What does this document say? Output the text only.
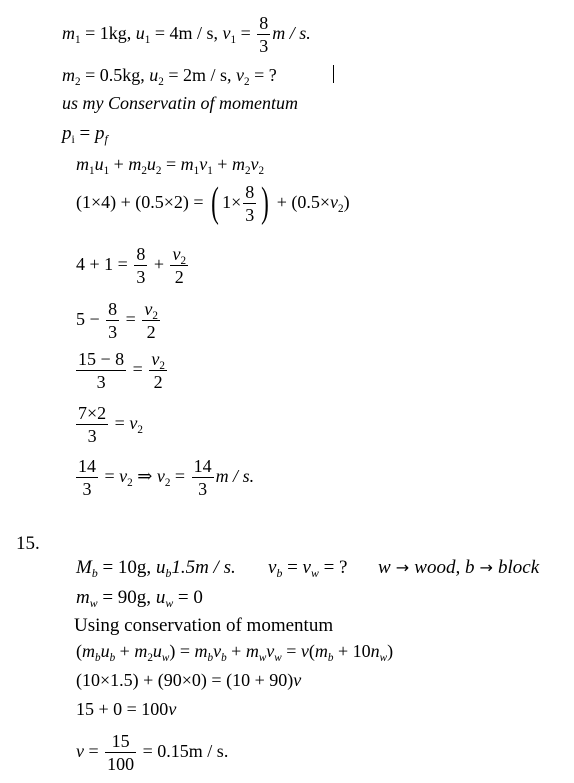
$m_1 = 1kg$, $u_1 = 4m / s$, $v_1 = \frac{8}{3}$ m / s.
$m_2 = 0.5kg$, $u_2 = 2m / s$, $v_2$ = ?
us my Conservatin of momentum
$p_i = p_f$
$m_1u_1 + m_2u_2 = m_1v_1 + m_2v_2$
(1×4) + (0.5×2) = ( $1\times \frac{8}{3}$ ) + $(0.5\times v_2)$
$4 + 1 = \frac{8}{3} + \frac{v_2}{2}$
$5 - \frac{8}{3} = \frac{v_2}{2}$
$\frac{15 - 8}{3} = \frac{v_2}{2}$
$\frac{7\times 2}{3} = v_2$
$\frac{14}{3} = v_2$ ⇒ $v_2 = \frac{14}{3}$ m / s.
15.
$M_b = 10g$, $u_b1.5m$ / s. $v_b = v_w$ = ? w → wood, b → block
$m_w = 90g$, $u_w = 0$
Using conservation of momentum
$(m_bu_b + m_2u_w) = m_bv_b + m_wv_w = v(m_b + 10n_w)$
(10×1.5) + (90×0) = (10 + 90)v
15 + 0 = 100v
$v = \frac{15}{100} = 0.15m / s$.
